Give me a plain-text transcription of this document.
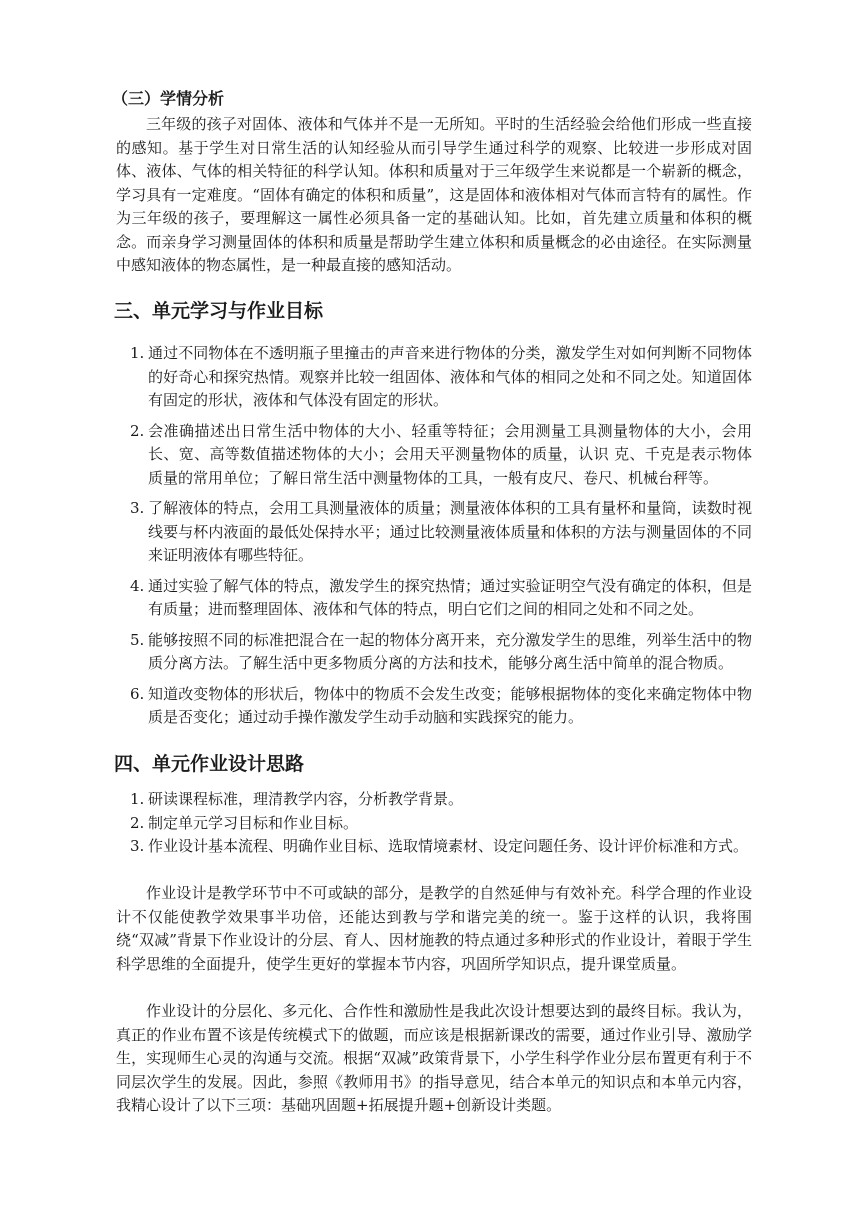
（三）学情分析

三年级的孩子对固体、液体和气体并不是一无所知。平时的生活经验会给他们形成一些直接的感知。基于学生对日常生活的认知经验从而引导学生通过科学的观察、比较进一步形成对固体、液体、气体的相关特征的科学认知。体积和质量对于三年级学生来说都是一个崭新的概念，学习具有一定难度。“固体有确定的体积和质量”，这是固体和液体相对气体而言特有的属性。作为三年级的孩子，要理解这一属性必须具备一定的基础认知。比如，首先建立质量和体积的概念。而亲身学习测量固体的体积和质量是帮助学生建立体积和质量概念的必由途径。在实际测量中感知液体的物态属性，是一种最直接的感知活动。

三、单元学习与作业目标
1. 通过不同物体在不透明瓶子里撞击的声音来进行物体的分类，激发学生对如何判断不同物体的好奇心和探究热情。观察并比较一组固体、液体和气体的相同之处和不同之处。知道固体有固定的形状，液体和气体没有固定的形状。
2. 会准确描述出日常生活中物体的大小、轻重等特征；会用测量工具测量物体的大小，会用长、宽、高等数值描述物体的大小；会用天平测量物体的质量，认识 克、千克是表示物体质量的常用单位；了解日常生活中测量物体的工具，一般有皮尺、卷尺、机械台秤等。
3. 了解液体的特点，会用工具测量液体的质量；测量液体体积的工具有量杯和量筒，读数时视线要与杯内液面的最低处保持水平；通过比较测量液体质量和体积的方法与测量固体的不同来证明液体有哪些特征。
4. 通过实验了解气体的特点，激发学生的探究热情；通过实验证明空气没有确定的体积，但是有质量；进而整理固体、液体和气体的特点，明白它们之间的相同之处和不同之处。
5. 能够按照不同的标准把混合在一起的物体分离开来，充分激发学生的思维，列举生活中的物质分离方法。了解生活中更多物质分离的方法和技术，能够分离生活中简单的混合物质。
6. 知道改变物体的形状后，物体中的物质不会发生改变；能够根据物体的变化来确定物体中物质是否变化；通过动手操作激发学生动手动脑和实践探究的能力。
四、单元作业设计思路
1. 研读课程标准，理清教学内容，分析教学背景。
2. 制定单元学习目标和作业目标。
3. 作业设计基本流程、明确作业目标、选取情境素材、设定问题任务、设计评价标准和方式。

作业设计是教学环节中不可或缺的部分，是教学的自然延伸与有效补充。科学合理的作业设计不仅能使教学效果事半功倍，还能达到教与学和谐完美的统一。鉴于这样的认识，我将围绕“双减”背景下作业设计的分层、育人、因材施教的特点通过多种形式的作业设计，着眼于学生科学思维的全面提升，使学生更好的掌握本节内容，巩固所学知识点，提升课堂质量。

作业设计的分层化、多元化、合作性和激励性是我此次设计想要达到的最终目标。我认为，真正的作业布置不该是传统模式下的做题，而应该是根据新课改的需要，通过作业引导、激励学生，实现师生心灵的沟通与交流。根据“双减”政策背景下，小学生科学作业分层布置更有利于不同层次学生的发展。因此，参照《教师用书》的指导意见，结合本单元的知识点和本单元内容，我精心设计了以下三项：基础巩固题+拓展提升题+创新设计类题。
